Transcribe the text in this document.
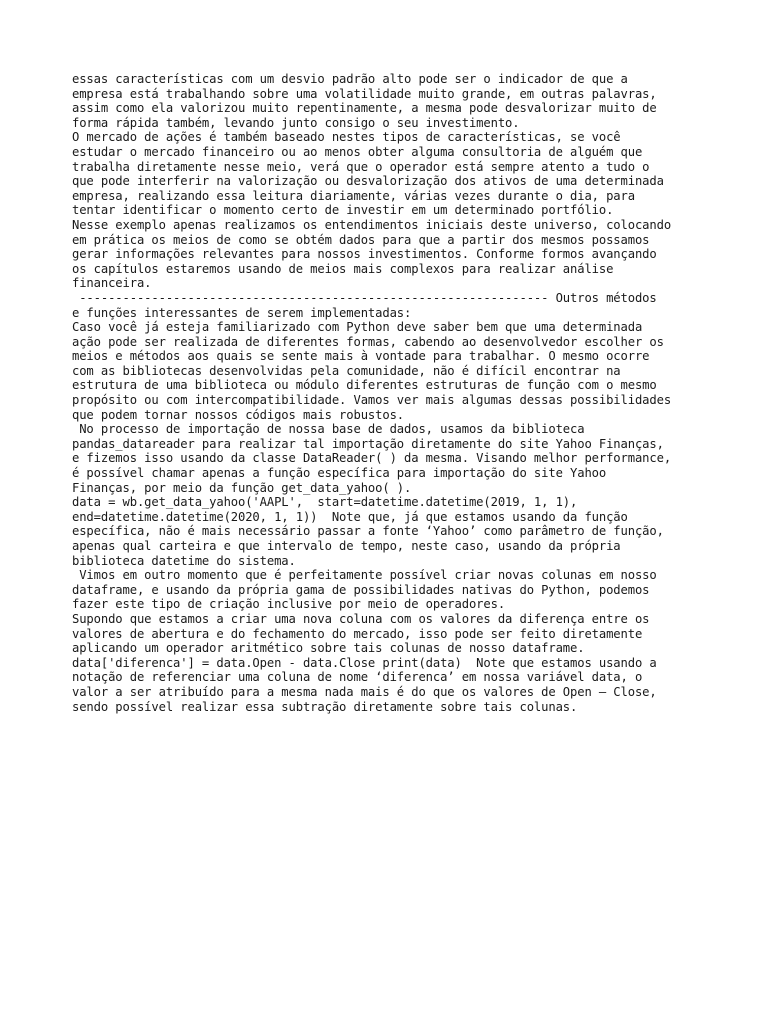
essas características com um desvio padrão alto pode ser o indicador de que a
empresa está trabalhando sobre uma volatilidade muito grande, em outras palavras,
assim como ela valorizou muito repentinamente, a mesma pode desvalorizar muito de
forma rápida também, levando junto consigo o seu investimento.
O mercado de ações é também baseado nestes tipos de características, se você
estudar o mercado financeiro ou ao menos obter alguma consultoria de alguém que
trabalha diretamente nesse meio, verá que o operador está sempre atento a tudo o
que pode interferir na valorização ou desvalorização dos ativos de uma determinada
empresa, realizando essa leitura diariamente, várias vezes durante o dia, para
tentar identificar o momento certo de investir em um determinado portfólio.
Nesse exemplo apenas realizamos os entendimentos iniciais deste universo, colocando
em prática os meios de como se obtém dados para que a partir dos mesmos possamos
gerar informações relevantes para nossos investimentos. Conforme formos avançando
os capítulos estaremos usando de meios mais complexos para realizar análise
financeira.
----------------------------------------------------------------- Outros métodos
e funções interessantes de serem implementadas:
Caso você já esteja familiarizado com Python deve saber bem que uma determinada
ação pode ser realizada de diferentes formas, cabendo ao desenvolvedor escolher os
meios e métodos aos quais se sente mais à vontade para trabalhar. O mesmo ocorre
com as bibliotecas desenvolvidas pela comunidade, não é difícil encontrar na
estrutura de uma biblioteca ou módulo diferentes estruturas de função com o mesmo
propósito ou com intercompatibilidade. Vamos ver mais algumas dessas possibilidades
que podem tornar nossos códigos mais robustos.
No processo de importação de nossa base de dados, usamos da biblioteca
pandas_datareader para realizar tal importação diretamente do site Yahoo Finanças,
e fizemos isso usando da classe DataReader( ) da mesma. Visando melhor performance,
é possível chamar apenas a função específica para importação do site Yahoo
Finanças, por meio da função get_data_yahoo( ).
data = wb.get_data_yahoo('AAPL',  start=datetime.datetime(2019, 1, 1),
end=datetime.datetime(2020, 1, 1))  Note que, já que estamos usando da função
específica, não é mais necessário passar a fonte ‘Yahoo’ como parâmetro de função,
apenas qual carteira e que intervalo de tempo, neste caso, usando da própria
biblioteca datetime do sistema.
Vimos em outro momento que é perfeitamente possível criar novas colunas em nosso
dataframe, e usando da própria gama de possibilidades nativas do Python, podemos
fazer este tipo de criação inclusive por meio de operadores.
Supondo que estamos a criar uma nova coluna com os valores da diferença entre os
valores de abertura e do fechamento do mercado, isso pode ser feito diretamente
aplicando um operador aritmético sobre tais colunas de nosso dataframe.
data['diferenca'] = data.Open - data.Close print(data)  Note que estamos usando a
notação de referenciar uma coluna de nome ‘diferenca’ em nossa variável data, o
valor a ser atribuído para a mesma nada mais é do que os valores de Open – Close,
sendo possível realizar essa subtração diretamente sobre tais colunas.
